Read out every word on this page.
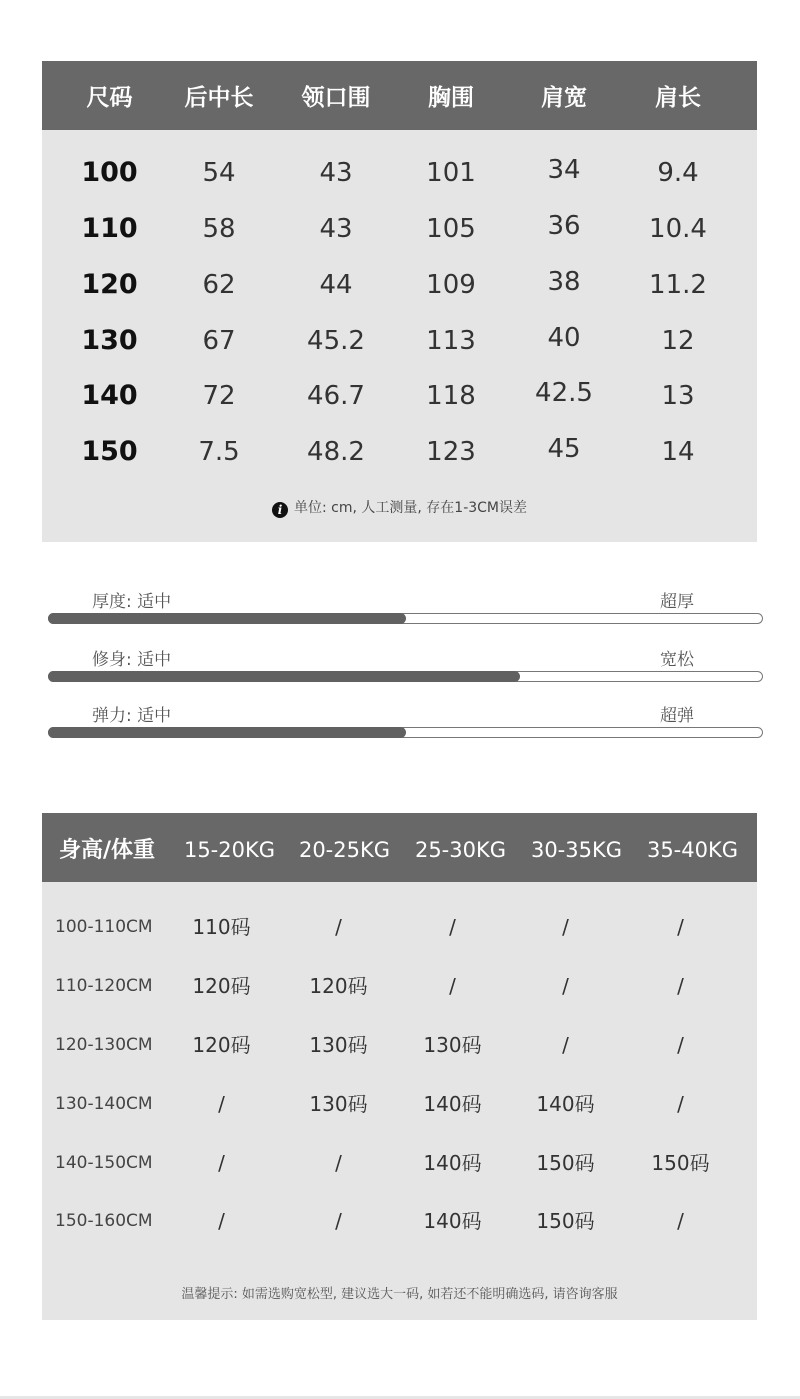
尺码	后中长	领口围	胸围	肩宽	肩长
100	54	43	101	34	9.4
110	58	43	105	36	10.4
120	62	44	109	38	11.2
130	67	45.2	113	40	12
140	72	46.7	118	42.5	13
150	7.5	48.2	123	45	14
i 单位: cm, 人工测量, 存在1-3CM误差
厚度: 适中	超厚
修身: 适中	宽松
弹力: 适中	超弹
身高/体重	15-20KG	20-25KG	25-30KG	30-35KG	35-40KG
100-110CM	110码	/	/	/	/
110-120CM	120码	120码	/	/	/
120-130CM	120码	130码	130码	/	/
130-140CM	/	130码	140码	140码	/
140-150CM	/	/	140码	150码	150码
150-160CM	/	/	140码	150码	/
温馨提示: 如需选购宽松型, 建议选大一码, 如若还不能明确选码, 请咨询客服
